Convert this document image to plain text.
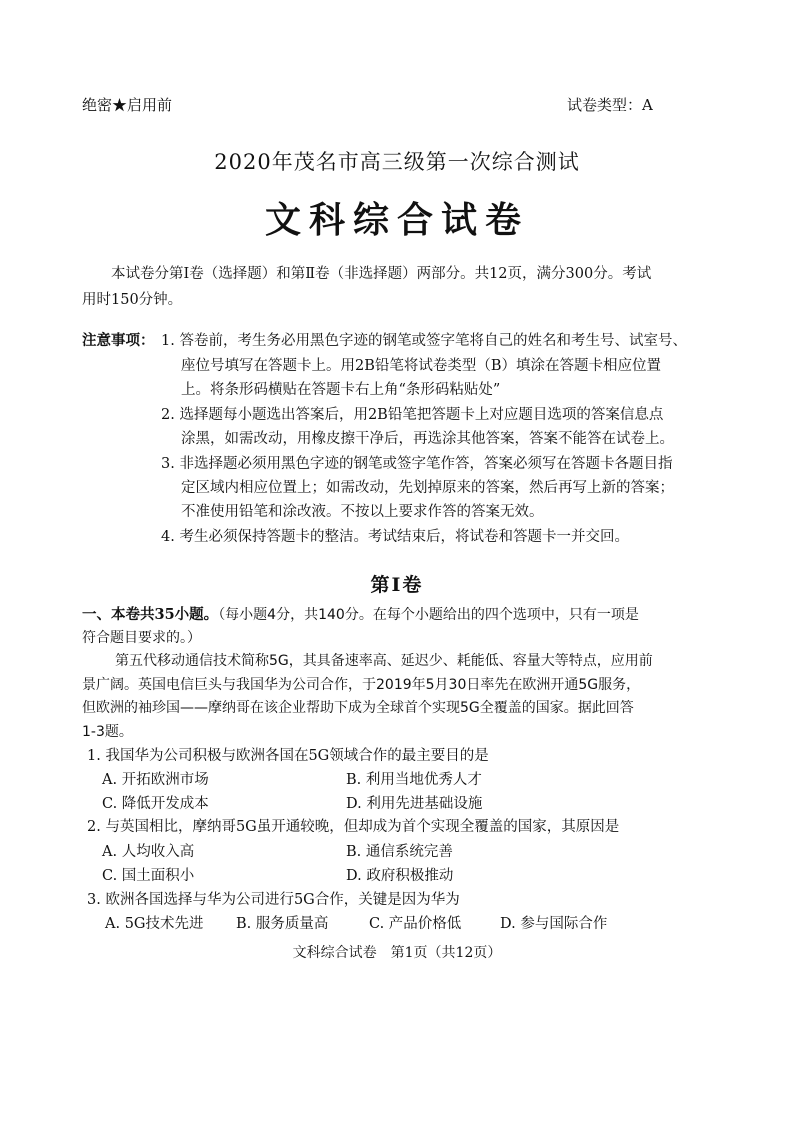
绝密★启用前	试卷类型：A
2020年茂名市高三级第一次综合测试
文科综合试卷
本试卷分第Ⅰ卷（选择题）和第Ⅱ卷（非选择题）两部分。共12页，满分300分。考试
用时150分钟。
注意事项： 1. 答卷前，考生务必用黑色字迹的钢笔或签字笔将自己的姓名和考生号、试室号、
座位号填写在答题卡上。用2B铅笔将试卷类型（B）填涂在答题卡相应位置
上。将条形码横贴在答题卡右上角“条形码粘贴处”
2. 选择题每小题选出答案后，用2B铅笔把答题卡上对应题目选项的答案信息点
涂黑，如需改动，用橡皮擦干净后，再选涂其他答案，答案不能答在试卷上。
3. 非选择题必须用黑色字迹的钢笔或签字笔作答，答案必须写在答题卡各题目指
定区域内相应位置上；如需改动，先划掉原来的答案，然后再写上新的答案；
不准使用铅笔和涂改液。不按以上要求作答的答案无效。
4. 考生必须保持答题卡的整洁。考试结束后，将试卷和答题卡一并交回。
第Ⅰ卷
一、本卷共35小题。（每小题4分，共140分。在每个小题给出的四个选项中，只有一项是
符合题目要求的。）
第五代移动通信技术简称5G，其具备速率高、延迟少、耗能低、容量大等特点，应用前
景广阔。英国电信巨头与我国华为公司合作，于2019年5月30日率先在欧洲开通5G服务，
但欧洲的袖珍国——摩纳哥在该企业帮助下成为全球首个实现5G全覆盖的国家。据此回答
1-3题。
1. 我国华为公司积极与欧洲各国在5G领域合作的最主要目的是
A. 开拓欧洲市场	B. 利用当地优秀人才
C. 降低开发成本	D. 利用先进基础设施
2. 与英国相比，摩纳哥5G虽开通较晚，但却成为首个实现全覆盖的国家，其原因是
A. 人均收入高	B. 通信系统完善
C. 国土面积小	D. 政府积极推动
3. 欧洲各国选择与华为公司进行5G合作，关键是因为华为
A. 5G技术先进 B. 服务质量高	C. 产品价格低	D. 参与国际合作
文科综合试卷　第1页（共12页）
